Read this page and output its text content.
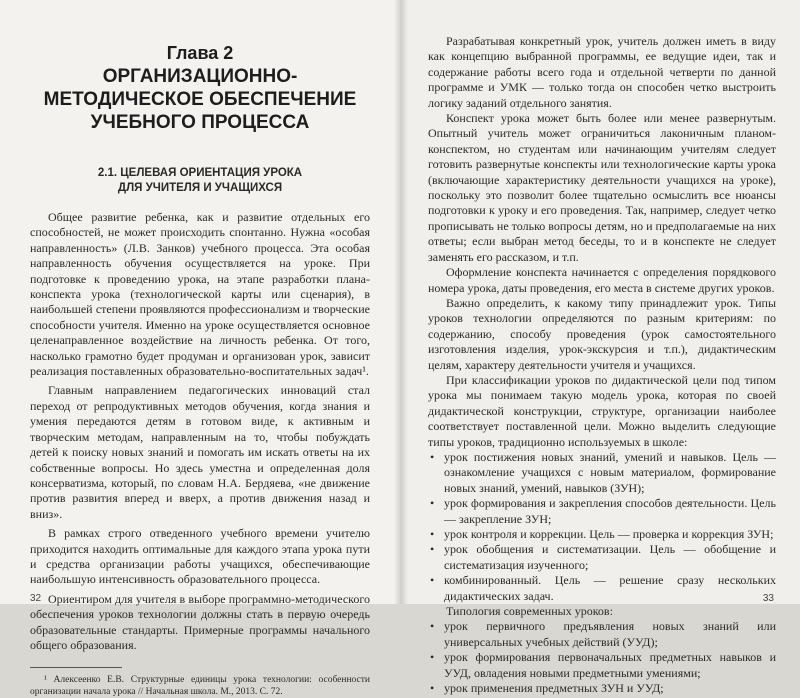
Глава 2

ОРГАНИЗАЦИОННО-МЕТОДИЧЕСКОЕ ОБЕСПЕЧЕНИЕ УЧЕБНОГО ПРОЦЕССА
2.1. ЦЕЛЕВАЯ ОРИЕНТАЦИЯ УРОКА
ДЛЯ УЧИТЕЛЯ И УЧАЩИХСЯ

Общее развитие ребенка, как и развитие отдельных его способностей, не может происходить спонтанно. Нужна «особая направленность» (Л.В. Занков) учебного процесса. Эта особая направленность обучения осуществляется на уроке. При подготовке к проведению урока, на этапе разработки плана-конспекта урока (технологической карты или сценария), в наибольшей степени проявляются профессионализм и творческие способности учителя. Именно на уроке осуществляется основное целенаправленное воздействие на личность ребенка. От того, насколько грамотно будет продуман и организован урок, зависит реализация поставленных образовательно-воспитательных задач¹.

Главным направлением педагогических инноваций стал переход от репродуктивных методов обучения, когда знания и умения передаются детям в готовом виде, к активным и творческим методам, направленным на то, чтобы побуждать детей к поиску новых знаний и помогать им искать ответы на их собственные вопросы. Но здесь уместна и определенная доля консерватизма, который, по словам Н.А. Бердяева, «не движение против развития вперед и вверх, а против движения назад и вниз».

В рамках строго отведенного учебного времени учителю приходится находить оптимальные для каждого этапа урока пути и средства организации работы учащихся, обеспечивающие наибольшую интенсивность образовательного процесса.

Ориентиром для учителя в выборе программно-методического обеспечения уроков технологии должны стать в первую очередь образовательные стандарты. Примерные программы начального общего образования.

¹ Алексеенко Е.В. Структурные единицы урока технологии: особенности организации начала урока // Начальная школа. М., 2013. С. 72.

32

Разрабатывая конкретный урок, учитель должен иметь в виду как концепцию выбранной программы, ее ведущие идеи, так и содержание работы всего года и отдельной четверти по данной программе и УМК — только тогда он способен четко выстроить логику заданий отдельного занятия.

Конспект урока может быть более или менее развернутым. Опытный учитель может ограничиться лаконичным планом-конспектом, но студентам или начинающим учителям следует готовить развернутые конспекты или технологические карты урока (включающие характеристику деятельности учащихся на уроке), поскольку это позволит более тщательно осмыслить все нюансы подготовки к уроку и его проведения. Так, например, следует четко прописывать не только вопросы детям, но и предполагаемые на них ответы; если выбран метод беседы, то и в конспекте не следует заменять его рассказом, и т.п.

Оформление конспекта начинается с определения порядкового номера урока, даты проведения, его места в системе других уроков.

Важно определить, к какому типу принадлежит урок. Типы уроков технологии определяются по разным критериям: по содержанию, способу проведения (урок самостоятельного изготовления изделия, урок-экскурсия и т.п.), дидактическим целям, характеру деятельности учителя и учащихся.

При классификации уроков по дидактической цели под типом урока мы понимаем такую модель урока, которая по своей дидактической конструкции, структуре, организации наиболее соответствует поставленной цели. Можно выделить следующие типы уроков, традиционно используемых в школе:

• урок постижения новых знаний, умений и навыков. Цель — ознакомление учащихся с новым материалом, формирование новых знаний, умений, навыков (ЗУН);
• урок формирования и закрепления способов деятельности. Цель — закрепление ЗУН;
• урок контроля и коррекции. Цель — проверка и коррекция ЗУН;
• урок обобщения и систематизации. Цель — обобщение и систематизация изученного;
• комбинированный. Цель — решение сразу нескольких дидактических задач.

Типология современных уроков:

• урок первичного предъявления новых знаний или универсальных учебных действий (УУД);
• урок формирования первоначальных предметных навыков и УУД, овладения новыми предметными умениями;
• урок применения предметных ЗУН и УУД;
33
